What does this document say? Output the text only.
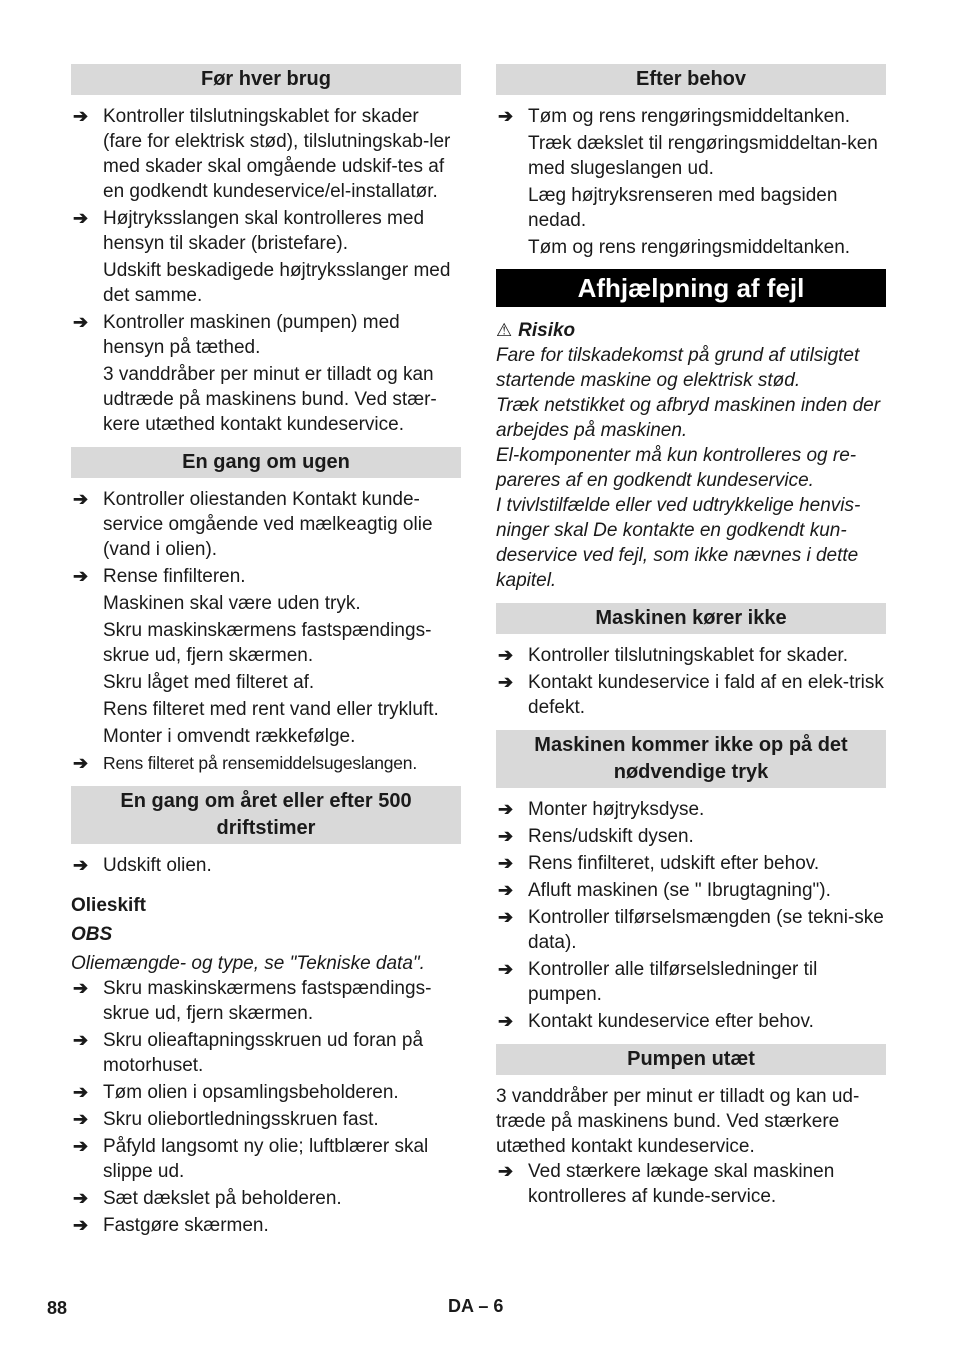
Før hver brug
➔ Kontroller tilslutningskablet for skader (fare for elektrisk stød), tilslutningskab-ler med skader skal omgående udskif-tes af en godkendt kundeservice/el-installatør.
➔ Højtryksslangen skal kontrolleres med hensyn til skader (bristefare).
Udskift beskadigede højtryksslanger med det samme.
➔ Kontroller maskinen (pumpen) med hensyn på tæthed.
3 vanddråber per minut er tilladt og kan udtræde på maskinens bund. Ved stær-kere utæthed kontakt kundeservice.
En gang om ugen
➔ Kontroller oliestanden Kontakt kunde-service omgående ved mælkeagtig olie (vand i olien).
➔ Rense finfilteren.
Maskinen skal være uden tryk.
Skru maskinskærmens fastspændings-skrue ud, fjern skærmen.
Skru låget med filteret af.
Rens filteret med rent vand eller trykluft.
Monter i omvendt rækkefølge.
➔ Rens filteret på rensemiddelsugeslangen.
En gang om året eller efter 500 driftstimer
➔ Udskift olien.
Olieskift
OBS
Oliemængde- og type, se "Tekniske data".
➔ Skru maskinskærmens fastspændings-skrue ud, fjern skærmen.
➔ Skru olieaftapningsskruen ud foran på motorhuset.
➔ Tøm olien i opsamlingsbeholderen.
➔ Skru oliebortledningsskruen fast.
➔ Påfyld langsomt ny olie; luftblærer skal slippe ud.
➔ Sæt dækslet på beholderen.
➔ Fastgøre skærmen.
Efter behov
➔ Tøm og rens rengøringsmiddeltanken.
Træk dækslet til rengøringsmiddeltan-ken med slugeslangen ud.
Læg højtryksrenseren med bagsiden nedad.
Tøm og rens rengøringsmiddeltanken.
Afhjælpning af fejl
⚠ Risiko
Fare for tilskadekomst på grund af utilsigtet startende maskine og elektrisk stød.
Træk netstikket og afbryd maskinen inden der arbejdes på maskinen.
El-komponenter må kun kontrolleres og re-pareres af en godkendt kundeservice.
I tvivlstilfælde eller ved udtrykkelige henvis-ninger skal De kontakte en godkendt kun-deservice ved fejl, som ikke nævnes i dette kapitel.
Maskinen kører ikke
➔ Kontroller tilslutningskablet for skader.
➔ Kontakt kundeservice i fald af en elek-trisk defekt.
Maskinen kommer ikke op på det nødvendige tryk
➔ Monter højtryksdyse.
➔ Rens/udskift dysen.
➔ Rens finfilteret, udskift efter behov.
➔ Afluft maskinen (se " Ibrugtagning").
➔ Kontroller tilførselsmængden (se tekni-ske data).
➔ Kontroller alle tilførselsledninger til pumpen.
➔ Kontakt kundeservice efter behov.
Pumpen utæt
3 vanddråber per minut er tilladt og kan ud-træde på maskinens bund. Ved stærkere utæthed kontakt kundeservice.
➔ Ved stærkere lækage skal maskinen kontrolleres af kunde-service.
88	DA – 6
